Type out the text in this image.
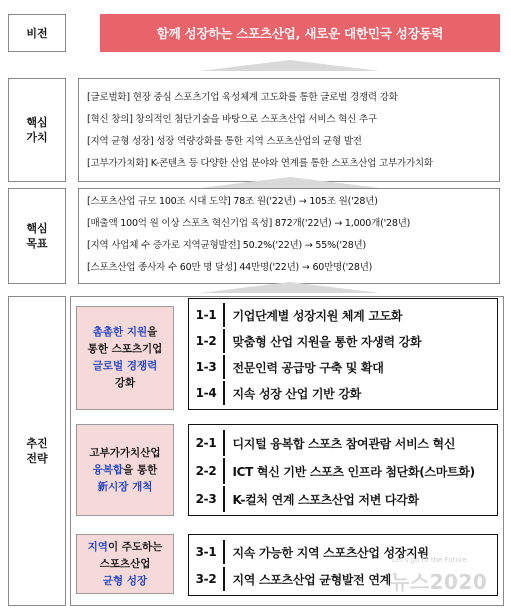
비전	함께 성장하는 스포츠산업, 새로운 대한민국 성장동력
핵심
가치
[글로벌화] 현장 중심 스포츠기업 육성체계 고도화를 통한 글로벌 경쟁력 강화
[혁신 창의] 창의적인 첨단기술을 바탕으로 스포츠산업 서비스 혁신 추구
[지역 균형 성장] 성장 역량강화를 통한 지역 스포츠산업의 균형 발전
[고부가가치화] K-콘텐츠 등 다양한 산업 분야와 연계를 통한 스포츠산업 고부가가치화
핵심
목표
[스포츠산업 규모 100조 시대 도약] 78조 원('22년) → 105조 원('28년)
[매출액 100억 원 이상 스포츠 혁신기업 육성] 872개('22년) → 1,000개('28년)
[지역 사업체 수 증가로 지역균형발전] 50.2%('22년) → 55%('28년)
[스포츠산업 종사자 수 60만 명 달성] 44만명('22년) → 60만명('28년)
추진
전략
촘촘한 지원을
통한 스포츠기업
글로벌 경쟁력
강화
1-1	기업단계별 성장지원 체계 고도화
1-2	맞춤형 산업 지원을 통한 자생력 강화
1-3	전문인력 공급망 구축 및 확대
1-4	지속 성장 산업 기반 강화
고부가가치산업
융복합을 통한
新시장 개척
2-1	디지털 융복합 스포츠 참여관람 서비스 혁신
2-2	ICT 혁신 기반 스포츠 인프라 첨단화(스마트화)
2-3	K-컬처 연계 스포츠산업 저변 다각화
지역이 주도하는
스포츠산업
균형 성장
3-1	지속 가능한 지역 스포츠산업 성장지원
3-2	지역 스포츠산업 균형발전 연계
Let's go to the Future
뉴스2020
